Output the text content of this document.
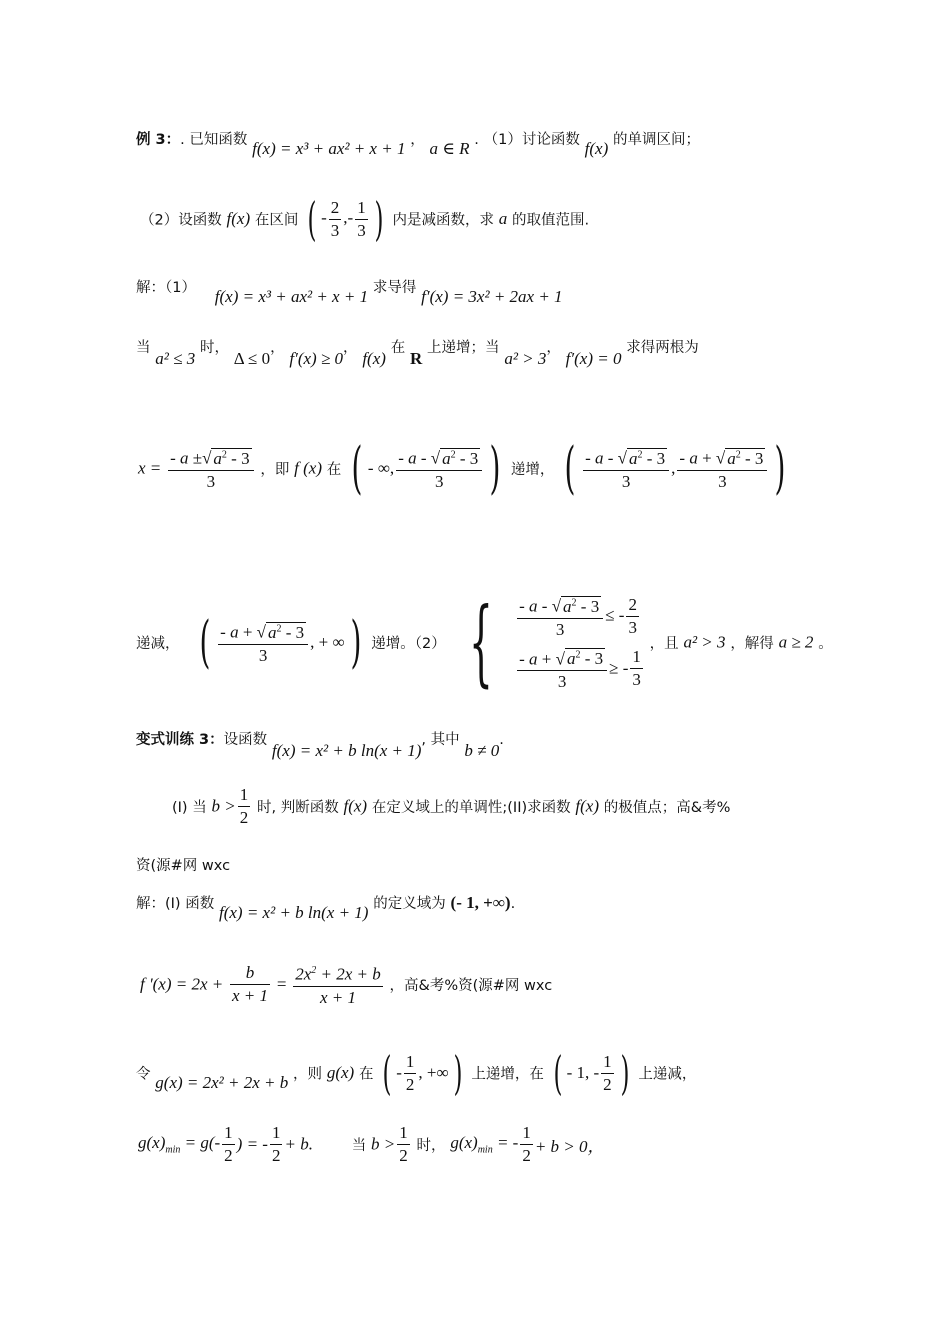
例 3：. 已知函数 f(x) = x³ + ax² + x + 1 ， a ∈ R . （1）讨论函数 f(x) 的单调区间；
（2）设函数 f(x) 在区间 ( - $\frac{2}{3}$ ,- $\frac{1}{3}$ ) 内是减函数，求 a 的取值范围.
解：（1） f(x) = x³ + ax² + x + 1 求导得 f′(x) = 3x² + 2ax + 1
当 a² ≤ 3 时， Δ ≤ 0， f′(x) ≥ 0， f(x) 在 R 上递增；当 a² > 3， f′(x) = 0 求得两根为
$x = \frac{- a \pm√ a^2 - 3}{3}$ ，即 f (x) 在 ( - ∞, $\frac{- a - √ a^2 - 3}{3}$ ) 递增， ( $\frac{- a - √ a^2 - 3}{3}$ , $\frac{- a + √ a^2 - 3}{3}$ )
递减， ( $\frac{- a + √ a^2 - 3}{3}$ , + ∞) 递增。（2） { $\frac{- a - √ a^2 - 3}{3}$ ≤ - $\frac{2}{3}$
$\frac{- a + √ a^2 - 3}{3}$ ≥ - $\frac{1}{3}$
，且 a² > 3 ，解得 a ≥ 2 。
变式训练 3：设函数 f(x) = x² + b ln(x + 1), 其中 b ≠ 0.
(I) 当 $b > \frac{1}{2}$ 时, 判断函数 f(x) 在定义域上的单调性;(II)求函数 f(x) 的极值点；高&考%
资(源#网 wxc
解：(I) 函数 f(x) = x² + b ln(x + 1) 的定义域为 (- 1, +∞).
f '$(x) = 2x + \frac{b}{x + 1} = \frac{2x^2 + 2x + b}{x + 1}$ ，高&考%资(源#网 wxc
令 g(x) = 2x² + 2x + b ，则 g(x) 在 ( - $\frac{1}{2}$ , +∞) 上递增，在 ( - 1, - $\frac{1}{2}$ ) 上递减，
$g(x)_{min} = g(- \frac{1}{2}$ ) = - $\frac{1}{2} + b$.	当 $b > \frac{1}{2}$ 时， $g(x)_{min}$ = - $\frac{1}{2} + b > 0$，
